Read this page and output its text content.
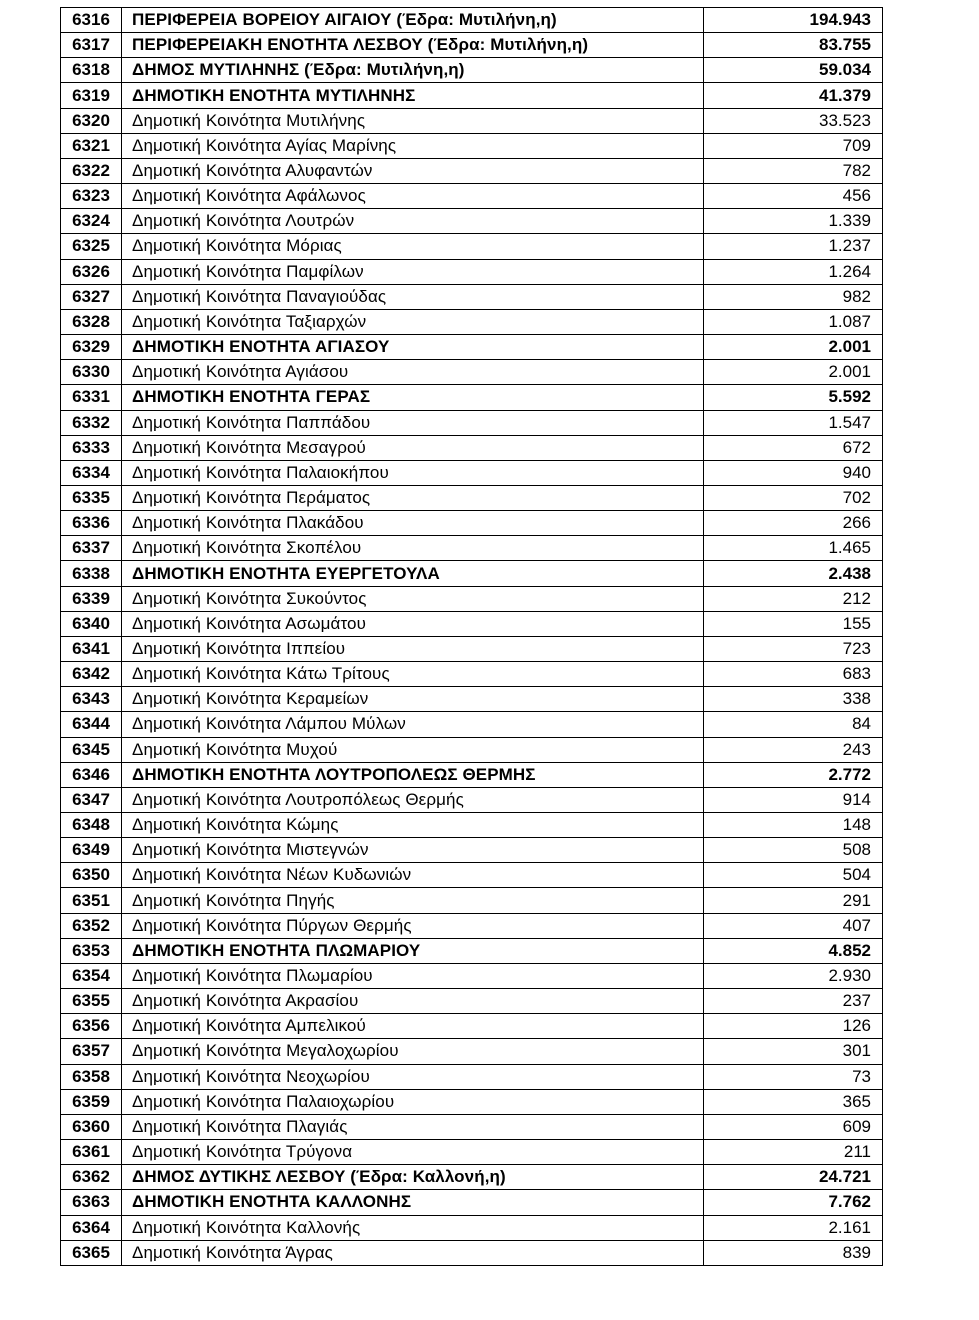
6316	ΠΕΡΙΦΕΡΕΙΑ ΒΟΡΕΙΟΥ ΑΙΓΑΙΟΥ (Έδρα: Μυτιλήνη,η)	194.943
6317	ΠΕΡΙΦΕΡΕΙΑΚΗ ΕΝΟΤΗΤΑ ΛΕΣΒΟΥ (Έδρα: Μυτιλήνη,η)	83.755
6318	ΔΗΜΟΣ ΜΥΤΙΛΗΝΗΣ (Έδρα: Μυτιλήνη,η)	59.034
6319	ΔΗΜΟΤΙΚΗ ΕΝΟΤΗΤΑ ΜΥΤΙΛΗΝΗΣ	41.379
6320	Δημοτική Κοινότητα Μυτιλήνης	33.523
6321	Δημοτική Κοινότητα Αγίας Μαρίνης	709
6322	Δημοτική Κοινότητα Αλυφαντών	782
6323	Δημοτική Κοινότητα Αφάλωνος	456
6324	Δημοτική Κοινότητα Λουτρών	1.339
6325	Δημοτική Κοινότητα Μόριας	1.237
6326	Δημοτική Κοινότητα Παμφίλων	1.264
6327	Δημοτική Κοινότητα Παναγιούδας	982
6328	Δημοτική Κοινότητα Ταξιαρχών	1.087
6329	ΔΗΜΟΤΙΚΗ ΕΝΟΤΗΤΑ ΑΓΙΑΣΟΥ	2.001
6330	Δημοτική Κοινότητα Αγιάσου	2.001
6331	ΔΗΜΟΤΙΚΗ ΕΝΟΤΗΤΑ ΓΕΡΑΣ	5.592
6332	Δημοτική Κοινότητα Παππάδου	1.547
6333	Δημοτική Κοινότητα Μεσαγρού	672
6334	Δημοτική Κοινότητα Παλαιοκήπου	940
6335	Δημοτική Κοινότητα Περάματος	702
6336	Δημοτική Κοινότητα Πλακάδου	266
6337	Δημοτική Κοινότητα Σκοπέλου	1.465
6338	ΔΗΜΟΤΙΚΗ ΕΝΟΤΗΤΑ ΕΥΕΡΓΕΤΟΥΛΑ	2.438
6339	Δημοτική Κοινότητα Συκούντος	212
6340	Δημοτική Κοινότητα Ασωμάτου	155
6341	Δημοτική Κοινότητα Ιππείου	723
6342	Δημοτική Κοινότητα Κάτω Τρίτους	683
6343	Δημοτική Κοινότητα Κεραμείων	338
6344	Δημοτική Κοινότητα Λάμπου Μύλων	84
6345	Δημοτική Κοινότητα Μυχού	243
6346	ΔΗΜΟΤΙΚΗ ΕΝΟΤΗΤΑ ΛΟΥΤΡΟΠΟΛΕΩΣ ΘΕΡΜΗΣ	2.772
6347	Δημοτική Κοινότητα Λουτροπόλεως Θερμής	914
6348	Δημοτική Κοινότητα Κώμης	148
6349	Δημοτική Κοινότητα Μιστεγνών	508
6350	Δημοτική Κοινότητα Νέων Κυδωνιών	504
6351	Δημοτική Κοινότητα Πηγής	291
6352	Δημοτική Κοινότητα Πύργων Θερμής	407
6353	ΔΗΜΟΤΙΚΗ ΕΝΟΤΗΤΑ ΠΛΩΜΑΡΙΟΥ	4.852
6354	Δημοτική Κοινότητα Πλωμαρίου	2.930
6355	Δημοτική Κοινότητα Ακρασίου	237
6356	Δημοτική Κοινότητα Αμπελικού	126
6357	Δημοτική Κοινότητα Μεγαλοχωρίου	301
6358	Δημοτική Κοινότητα Νεοχωρίου	73
6359	Δημοτική Κοινότητα Παλαιοχωρίου	365
6360	Δημοτική Κοινότητα Πλαγιάς	609
6361	Δημοτική Κοινότητα Τρύγονα	211
6362	ΔΗΜΟΣ ΔΥΤΙΚΗΣ ΛΕΣΒΟΥ (Έδρα: Καλλονή,η)	24.721
6363	ΔΗΜΟΤΙΚΗ ΕΝΟΤΗΤΑ ΚΑΛΛΟΝΗΣ	7.762
6364	Δημοτική Κοινότητα Καλλονής	2.161
6365	Δημοτική Κοινότητα Άγρας	839
